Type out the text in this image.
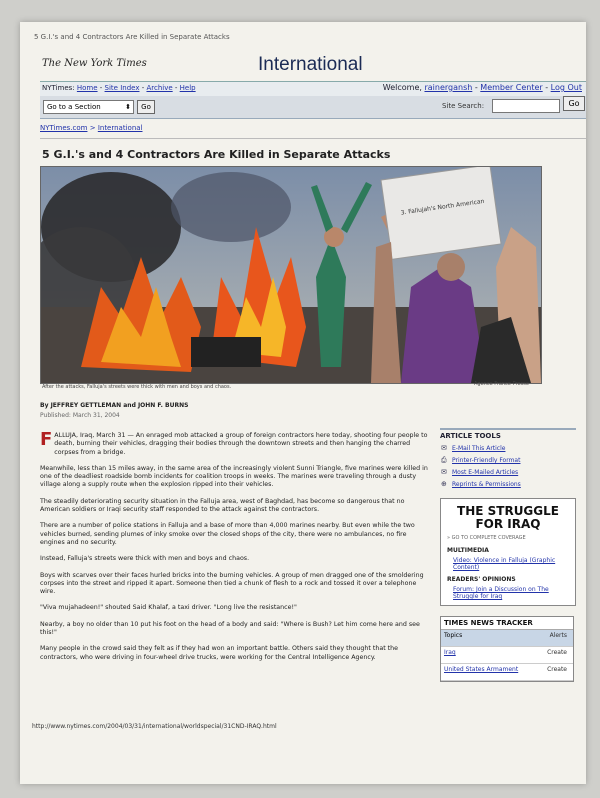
5 G.I.'s and 4 Contractors Are Killed in Separate Attacks
The New York Times	International
NYTimes: Home - Site Index - Archive - Help	Welcome, rainergansh - Member Center - Log Out
Go to a Section	⬍	Go	Site Search:	Go
NYTimes.com > International
5 G.I.'s and 4 Contractors Are Killed in Separate Attacks
3. Fallujah's North American
After the attacks, Falluja's streets were thick with men and boys and chaos.	Agence France-Presse
By JEFFREY GETTLEMAN and JOHN F. BURNS
Published: March 31, 2004

FALLUJA, Iraq, March 31 — An enraged mob attacked a group of foreign contractors here today, shooting four people to death, burning their vehicles, dragging their bodies through the downtown streets and then hanging the charred corpses from a bridge.

Meanwhile, less than 15 miles away, in the same area of the increasingly violent Sunni Triangle, five marines were killed in one of the deadliest roadside bomb incidents for coalition troops in weeks. The marines were traveling through a dusty village along a supply route when the explosion ripped into their vehicles.

The steadily deteriorating security situation in the Falluja area, west of Baghdad, has become so dangerous that no American soldiers or Iraqi security staff responded to the attack against the contractors.

There are a number of police stations in Falluja and a base of more than 4,000 marines nearby. But even while the two vehicles burned, sending plumes of inky smoke over the closed shops of the city, there were no ambulances, no fire engines and no security.

Instead, Falluja's streets were thick with men and boys and chaos.

Boys with scarves over their faces hurled bricks into the burning vehicles. A group of men dragged one of the smoldering corpses into the street and ripped it apart. Someone then tied a chunk of flesh to a rock and tossed it over a telephone wire.

"Viva mujahadeen!" shouted Said Khalaf, a taxi driver. "Long live the resistance!"

Nearby, a boy no older than 10 put his foot on the head of a body and said: "Where is Bush? Let him come here and see this!"

Many people in the crowd said they felt as if they had won an important battle. Others said they thought that the contractors, who were driving in four-wheel drive trucks, were working for the Central Intelligence Agency.

http://www.nytimes.com/2004/03/31/international/worldspecial/31CND-IRAQ.html
ARTICLE TOOLS
✉ E-Mail This Article
⎙ Printer-Friendly Format
✉ Most E-Mailed Articles
⊕ Reprints & Permissions
THE STRUGGLE FOR IRAQ
» GO TO COMPLETE COVERAGE
MULTIMEDIA
Video: Violence in Falluja (Graphic Content)
READERS' OPINIONS
Forum: Join a Discussion on The Struggle for Iraq
TIMES NEWS TRACKER
Topics	Alerts
Iraq	Create
United States Armament	Create
